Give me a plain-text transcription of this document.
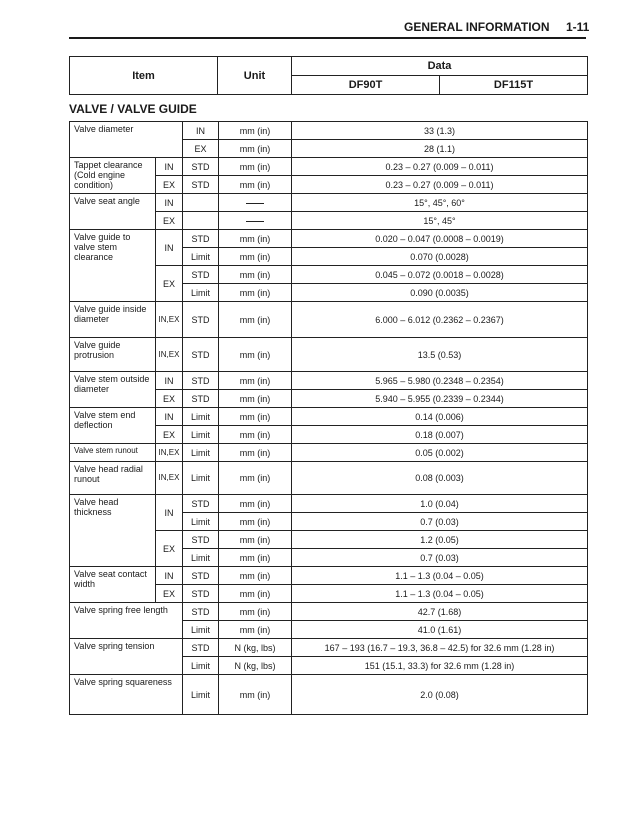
GENERAL INFORMATION 1-11
Item	Unit	Data	
		DF90T	DF115T
VALVE / VALVE GUIDE
Valve diameter		IN	mm (in)	33 (1.3)
		EX	mm (in)	28 (1.1)
Tappet clearance (Cold engine condition)	IN	STD	mm (in)	0.23 – 0.27 (0.009 – 0.011)
	EX	STD	mm (in)	0.23 – 0.27 (0.009 – 0.011)
Valve seat angle	IN			15°, 45°, 60°
	EX			15°, 45°
Valve guide to valve stem clearance	IN	STD	mm (in)	0.020 – 0.047 (0.0008 – 0.0019)
		Limit	mm (in)	0.070 (0.0028)
	EX	STD	mm (in)	0.045 – 0.072 (0.0018 – 0.0028)
		Limit	mm (in)	0.090 (0.0035)
Valve guide inside diameter	IN,EX	STD	mm (in)	6.000 – 6.012 (0.2362 – 0.2367)
Valve guide protrusion	IN,EX	STD	mm (in)	13.5 (0.53)
Valve stem outside diameter	IN	STD	mm (in)	5.965 – 5.980 (0.2348 – 0.2354)
	EX	STD	mm (in)	5.940 – 5.955 (0.2339 – 0.2344)
Valve stem end deflection	IN	Limit	mm (in)	0.14 (0.006)
	EX	Limit	mm (in)	0.18 (0.007)
Valve stem runout	IN,EX	Limit	mm (in)	0.05 (0.002)
Valve head radial runout	IN,EX	Limit	mm (in)	0.08 (0.003)
Valve head thickness	IN	STD	mm (in)	1.0 (0.04)
		Limit	mm (in)	0.7 (0.03)
	EX	STD	mm (in)	1.2 (0.05)
		Limit	mm (in)	0.7 (0.03)
Valve seat contact width	IN	STD	mm (in)	1.1 – 1.3 (0.04 – 0.05)
	EX	STD	mm (in)	1.1 – 1.3 (0.04 – 0.05)
Valve spring free length		STD	mm (in)	42.7 (1.68)
		Limit	mm (in)	41.0 (1.61)
Valve spring tension		STD	N (kg, lbs)	167 – 193 (16.7 – 19.3, 36.8 – 42.5) for 32.6 mm (1.28 in)
		Limit	N (kg, lbs)	151 (15.1, 33.3) for 32.6 mm (1.28 in)
Valve spring squareness		Limit	mm (in)	2.0 (0.08)
